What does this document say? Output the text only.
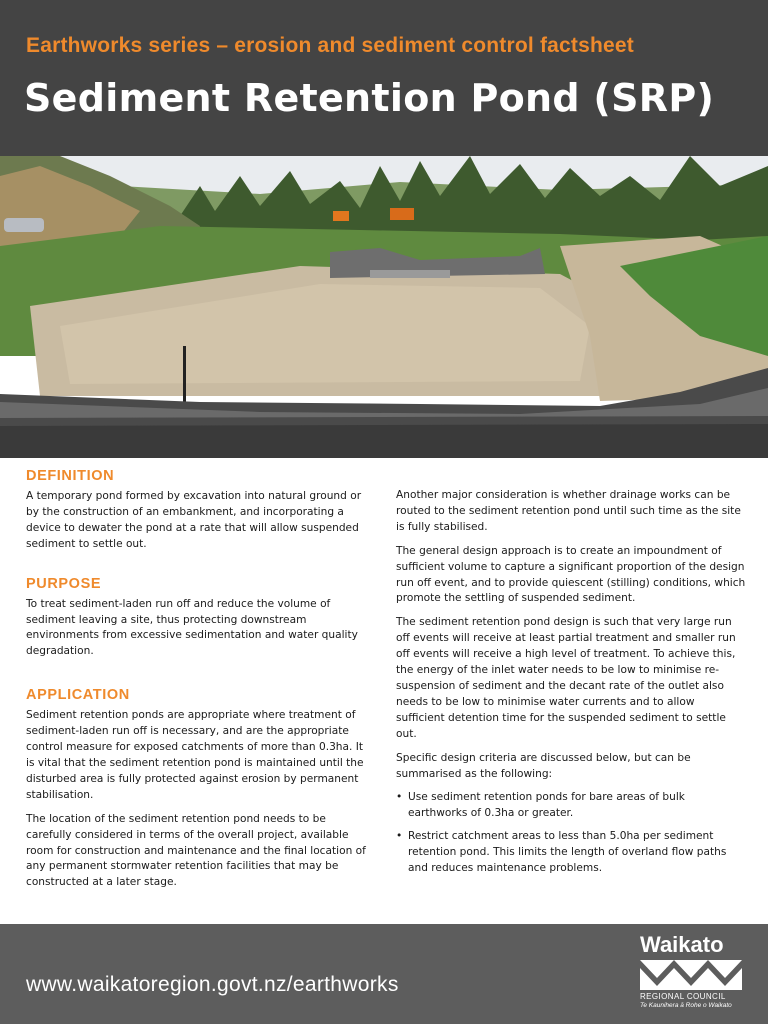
Earthworks series – erosion and sediment control factsheet
Sediment Retention Pond (SRP)
DEFINITION

A temporary pond formed by excavation into natural ground or by the construction of an embankment, and incorporating a device to dewater the pond at a rate that will allow suspended sediment to settle out.

PURPOSE

To treat sediment-laden run off and reduce the volume of sediment leaving a site, thus protecting downstream environments from excessive sedimentation and water quality degradation.

APPLICATION

Sediment retention ponds are appropriate where treatment of sediment-laden run off is necessary, and are the appropriate control measure for exposed catchments of more than 0.3ha. It is vital that the sediment retention pond is maintained until the disturbed area is fully protected against erosion by permanent stabilisation.

The location of the sediment retention pond needs to be carefully considered in terms of the overall project, available room for construction and maintenance and the final location of any permanent stormwater retention facilities that may be constructed at a later stage.

Another major consideration is whether drainage works can be routed to the sediment retention pond until such time as the site is fully stabilised.

The general design approach is to create an impoundment of sufficient volume to capture a significant proportion of the design run off event, and to provide quiescent (stilling) conditions, which promote the settling of suspended sediment.

The sediment retention pond design is such that very large run off events will receive at least partial treatment and smaller run off events will receive a high level of treatment. To achieve this, the energy of the inlet water needs to be low to minimise re-suspension of sediment and the decant rate of the outlet also needs to be low to minimise water currents and to allow sufficient detention time for the suspended sediment to settle out.

Specific design criteria are discussed below, but can be summarised as the following:

• Use sediment retention ponds for bare areas of bulk earthworks of 0.3ha or greater.
• Restrict catchment areas to less than 5.0ha per sediment retention pond. This limits the length of overland flow paths and reduces maintenance problems.
www.waikatoregion.govt.nz/earthworks
Waikato
REGIONAL COUNCIL
Te Kaunihera ā Rohe o Waikato
